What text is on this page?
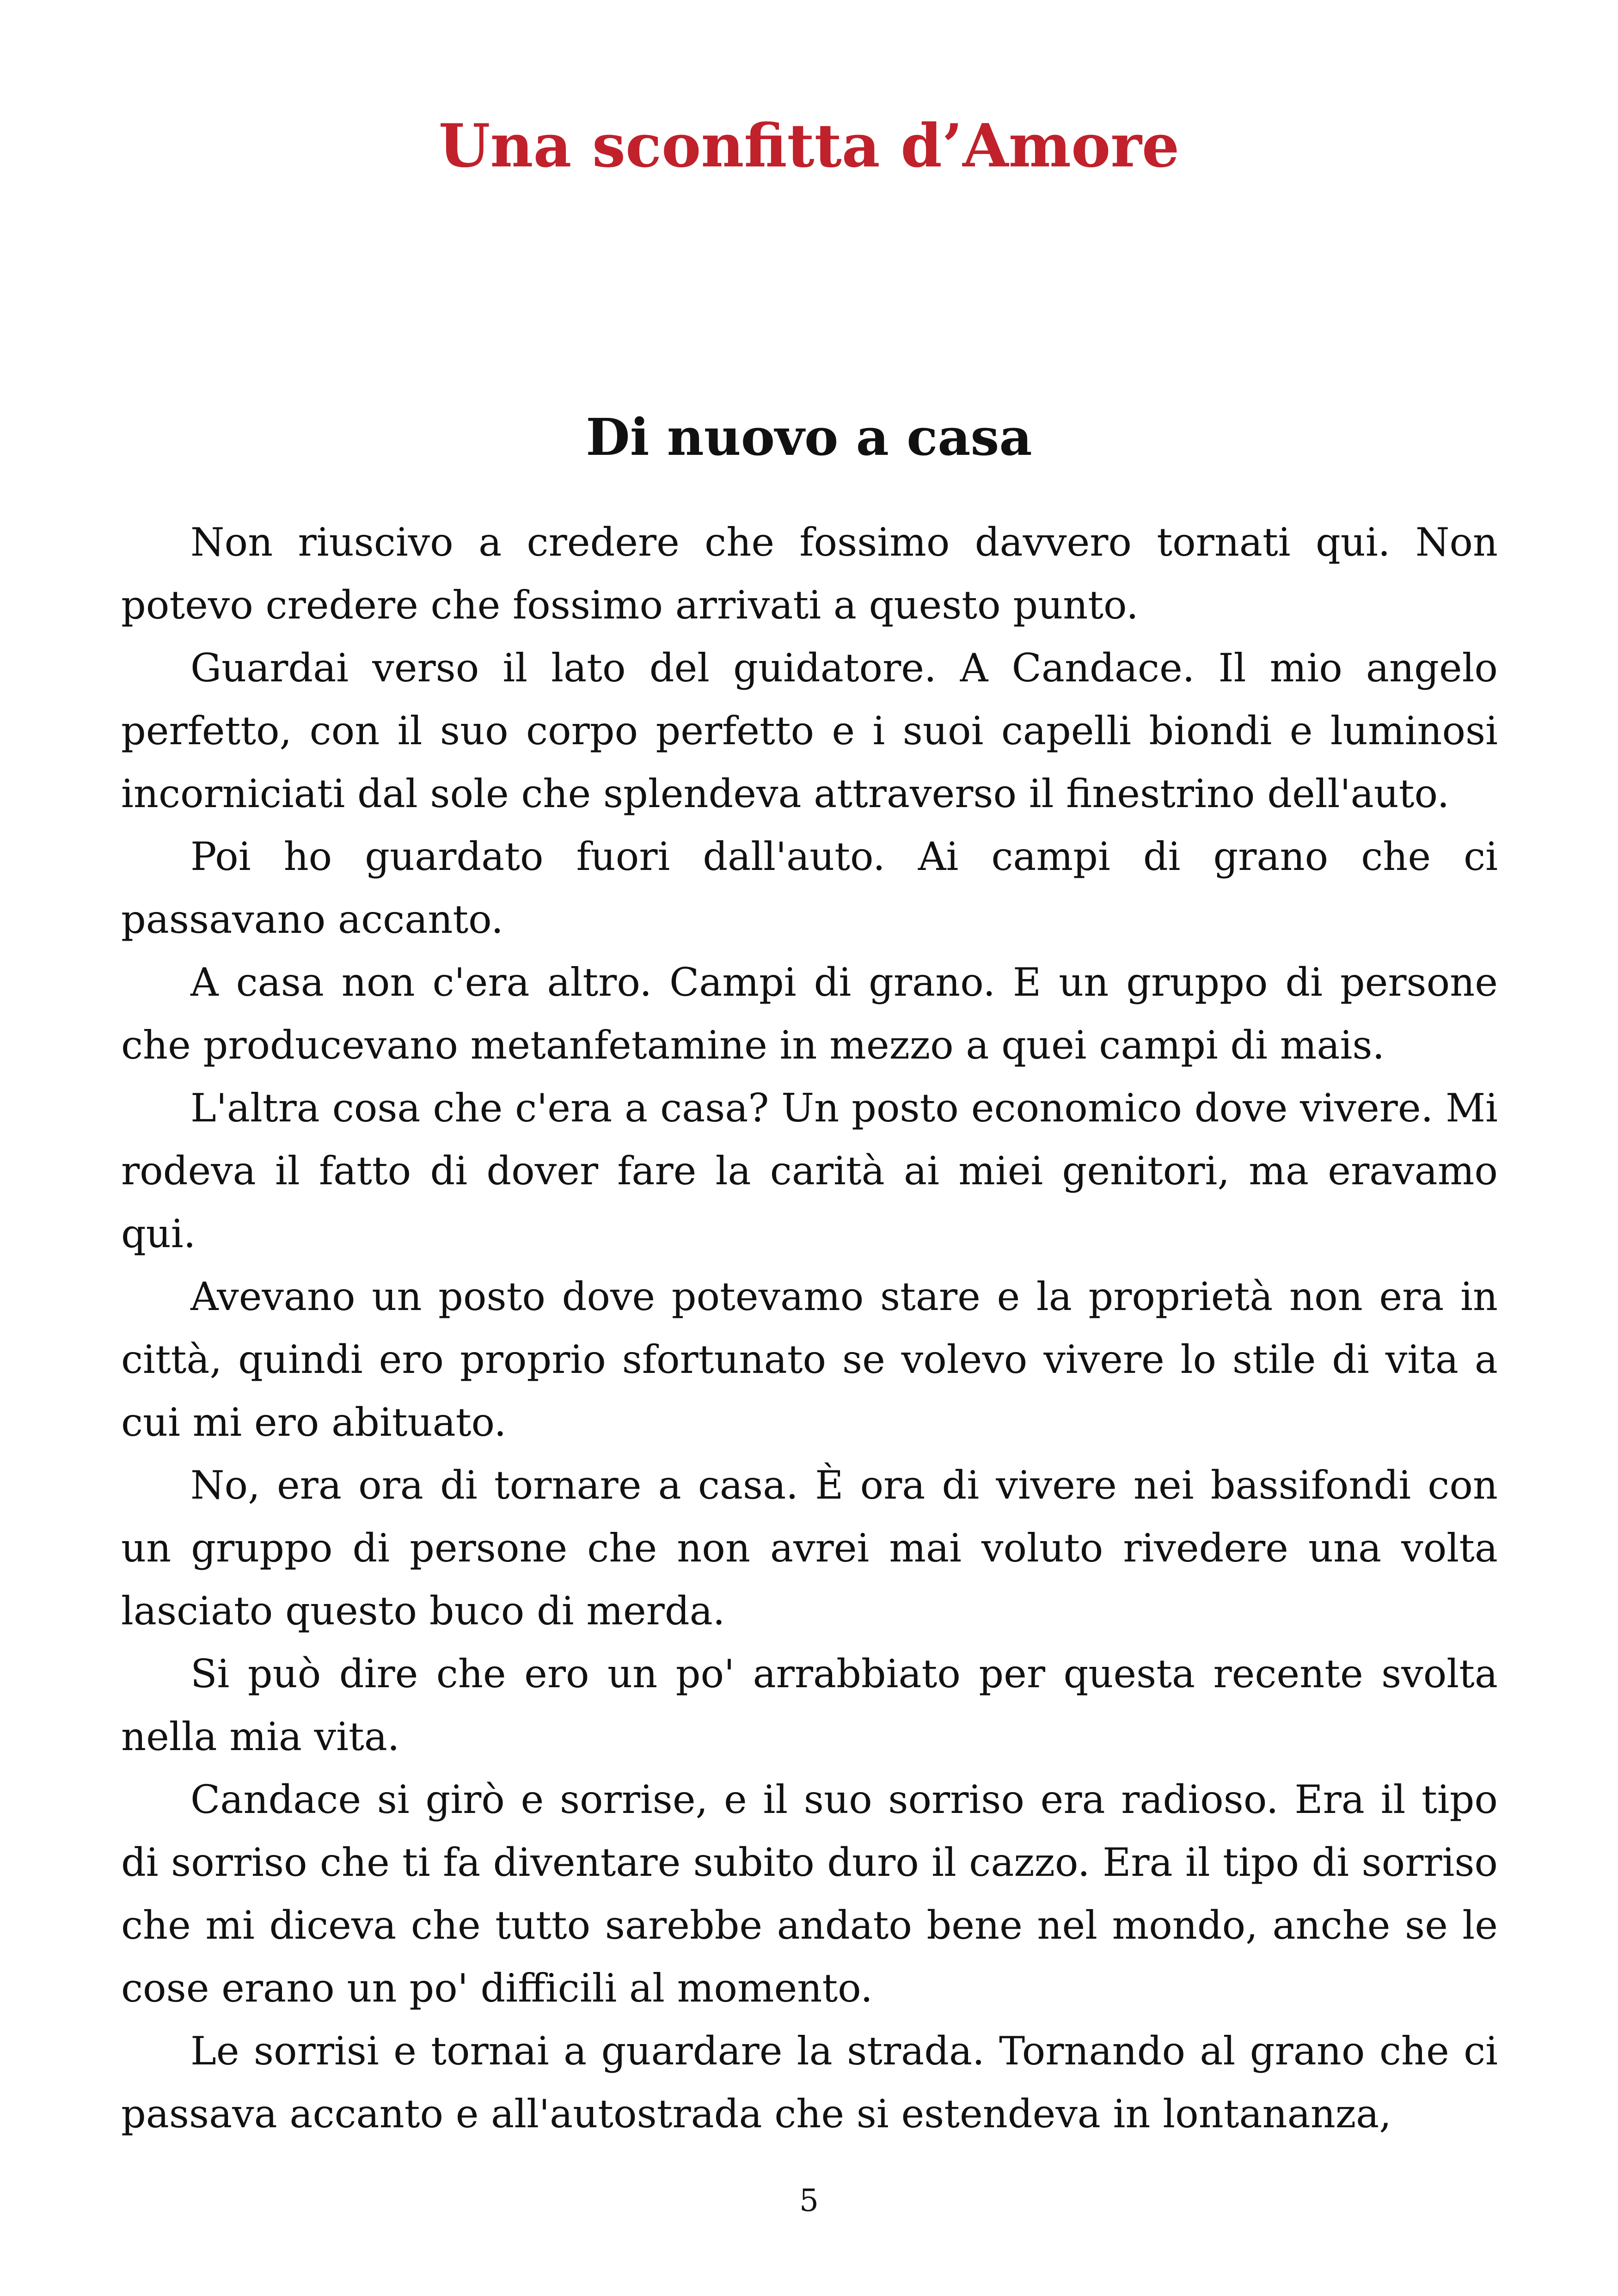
Una sconfitta d’Amore
Di nuovo a casa

Non riuscivo a credere che fossimo davvero tornati qui. Non potevo credere che fossimo arrivati a questo punto.

Guardai verso il lato del guidatore. A Candace. Il mio angelo perfetto, con il suo corpo perfetto e i suoi capelli biondi e luminosi incorniciati dal sole che splendeva attraverso il finestrino dell'auto.

Poi ho guardato fuori dall'auto. Ai campi di grano che ci passavano accanto.

A casa non c'era altro. Campi di grano. E un gruppo di persone che producevano metanfetamine in mezzo a quei campi di mais.

L'altra cosa che c'era a casa? Un posto economico dove vivere. Mi rodeva il fatto di dover fare la carità ai miei genitori, ma eravamo qui.

Avevano un posto dove potevamo stare e la proprietà non era in città, quindi ero proprio sfortunato se volevo vivere lo stile di vita a cui mi ero abituato.

No, era ora di tornare a casa. È ora di vivere nei bassifondi con un gruppo di persone che non avrei mai voluto rivedere una volta lasciato questo buco di merda.

Si può dire che ero un po' arrabbiato per questa recente svolta nella mia vita.

Candace si girò e sorrise, e il suo sorriso era radioso. Era il tipo di sorriso che ti fa diventare subito duro il cazzo. Era il tipo di sorriso che mi diceva che tutto sarebbe andato bene nel mondo, anche se le cose erano un po' difficili al momento.

Le sorrisi e tornai a guardare la strada. Tornando al grano che ci passava accanto e all'autostrada che si estendeva in lontananza,

5
